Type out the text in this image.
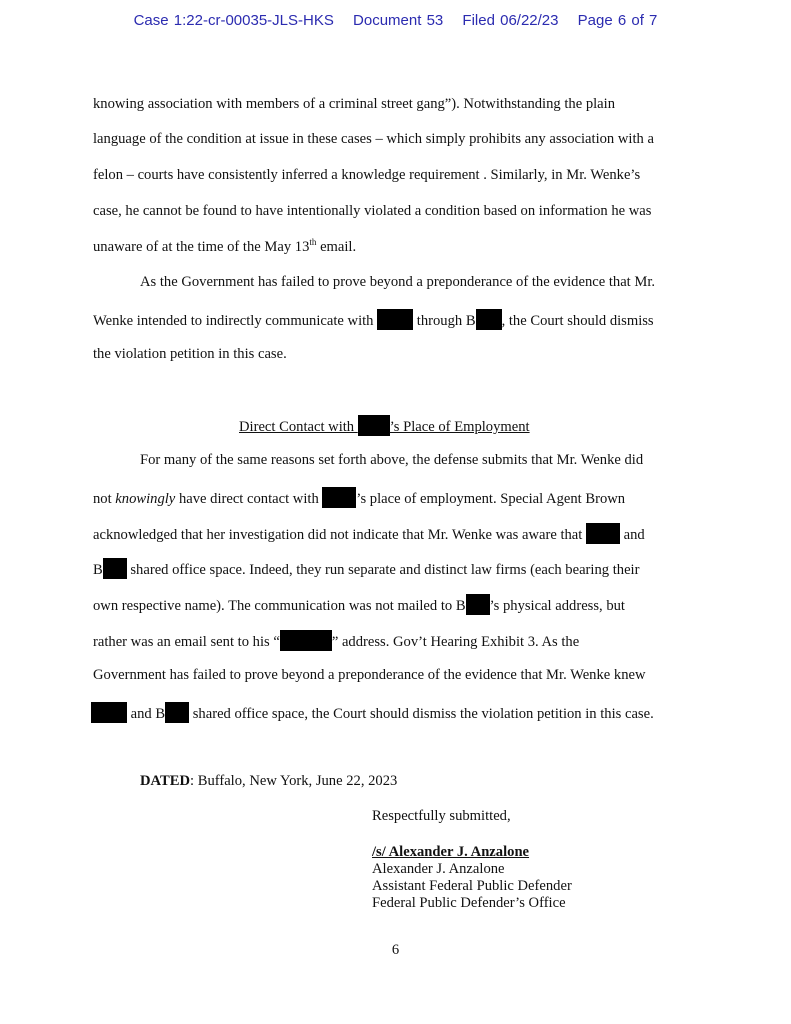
Case 1:22-cr-00035-JLS-HKS Document 53 Filed 06/22/23 Page 6 of 7
knowing association with members of a criminal street gang”). Notwithstanding the plain
language of the condition at issue in these cases – which simply prohibits any association with a
felon – courts have consistently inferred a knowledge requirement . Similarly, in Mr. Wenke’s
case, he cannot be found to have intentionally violated a condition based on information he was
unaware of at the time of the May 13th email.
As the Government has failed to prove beyond a preponderance of the evidence that Mr.
Wenke intended to indirectly communicate with  through B , the Court should dismiss
the violation petition in this case.
Direct Contact with ’s Place of Employment
For many of the same reasons set forth above, the defense submits that Mr. Wenke did
not knowingly have direct contact with ’s place of employment. Special Agent Brown
acknowledged that her investigation did not indicate that Mr. Wenke was aware that  and
B shared office space. Indeed, they run separate and distinct law firms (each bearing their
own respective name). The communication was not mailed to B ’s physical address, but
rather was an email sent to his “	” address. Gov’t Hearing Exhibit 3. As the
Government has failed to prove beyond a preponderance of the evidence that Mr. Wenke knew
and B shared office space, the Court should dismiss the violation petition in this case.
DATED: Buffalo, New York, June 22, 2023
Respectfully submitted,
/s/ Alexander J. Anzalone
Alexander J. Anzalone
Assistant Federal Public Defender
Federal Public Defender’s Office
6
